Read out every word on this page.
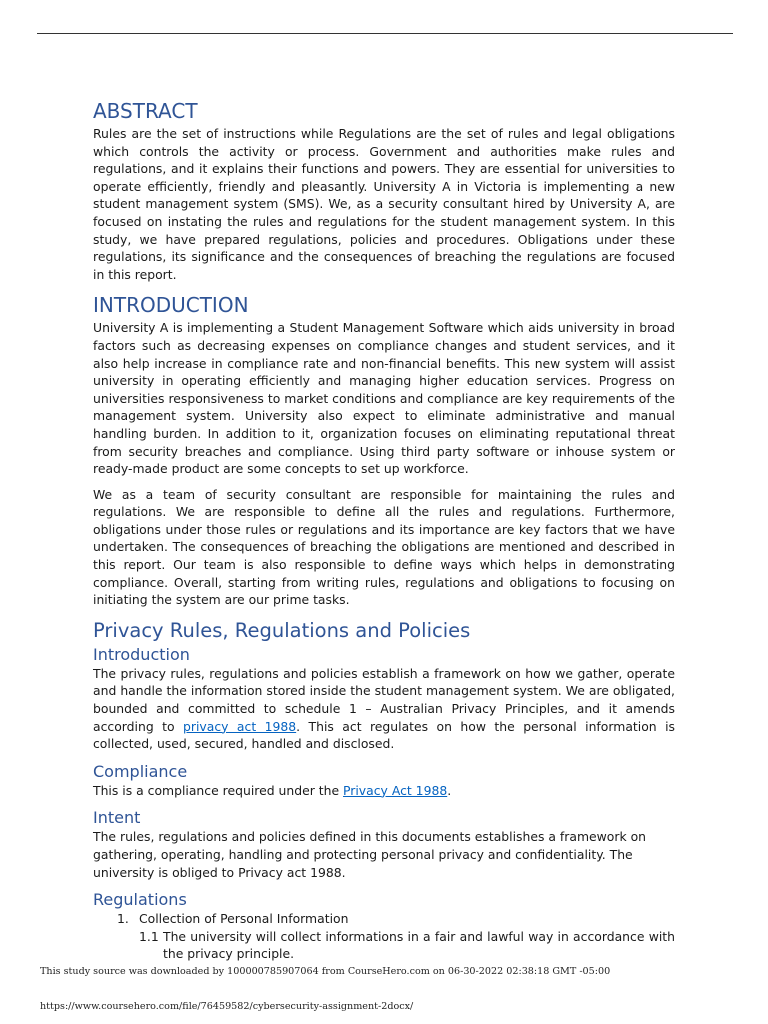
ABSTRACT

Rules are the set of instructions while Regulations are the set of rules and legal obligations which controls the activity or process. Government and authorities make rules and regulations, and it explains their functions and powers. They are essential for universities to operate efficiently, friendly and pleasantly. University A in Victoria is implementing a new student management system (SMS). We, as a security consultant hired by University A, are focused on instating the rules and regulations for the student management system. In this study, we have prepared regulations, policies and procedures. Obligations under these regulations, its significance and the consequences of breaching the regulations are focused in this report.

INTRODUCTION

University A is implementing a Student Management Software which aids university in broad factors such as decreasing expenses on compliance changes and student services, and it also help increase in compliance rate and non-financial benefits. This new system will assist university in operating efficiently and managing higher education services. Progress on universities responsiveness to market conditions and compliance are key requirements of the management system. University also expect to eliminate administrative and manual handling burden. In addition to it, organization focuses on eliminating reputational threat from security breaches and compliance. Using third party software or inhouse system or ready-made product are some concepts to set up workforce.

We as a team of security consultant are responsible for maintaining the rules and regulations. We are responsible to define all the rules and regulations. Furthermore, obligations under those rules or regulations and its importance are key factors that we have undertaken. The consequences of breaching the obligations are mentioned and described in this report. Our team is also responsible to define ways which helps in demonstrating compliance. Overall, starting from writing rules, regulations and obligations to focusing on initiating the system are our prime tasks.

Privacy Rules, Regulations and Policies
Introduction

The privacy rules, regulations and policies establish a framework on how we gather, operate and handle the information stored inside the student management system. We are obligated, bounded and committed to schedule 1 – Australian Privacy Principles, and it amends according to privacy act 1988. This act regulates on how the personal information is collected, used, secured, handled and disclosed.

Compliance

This is a compliance required under the Privacy Act 1988.

Intent

The rules, regulations and policies defined in this documents establishes a framework on gathering, operating, handling and protecting personal privacy and confidentiality. The university is obliged to Privacy act 1988.

Regulations
1. Collection of Personal Information
1.1 The university will collect informations in a fair and lawful way in accordance with the privacy principle.
This study source was downloaded by 100000785907064 from CourseHero.com on 06-30-2022 02:38:18 GMT -05:00
https://www.coursehero.com/file/76459582/cybersecurity-assignment-2docx/
